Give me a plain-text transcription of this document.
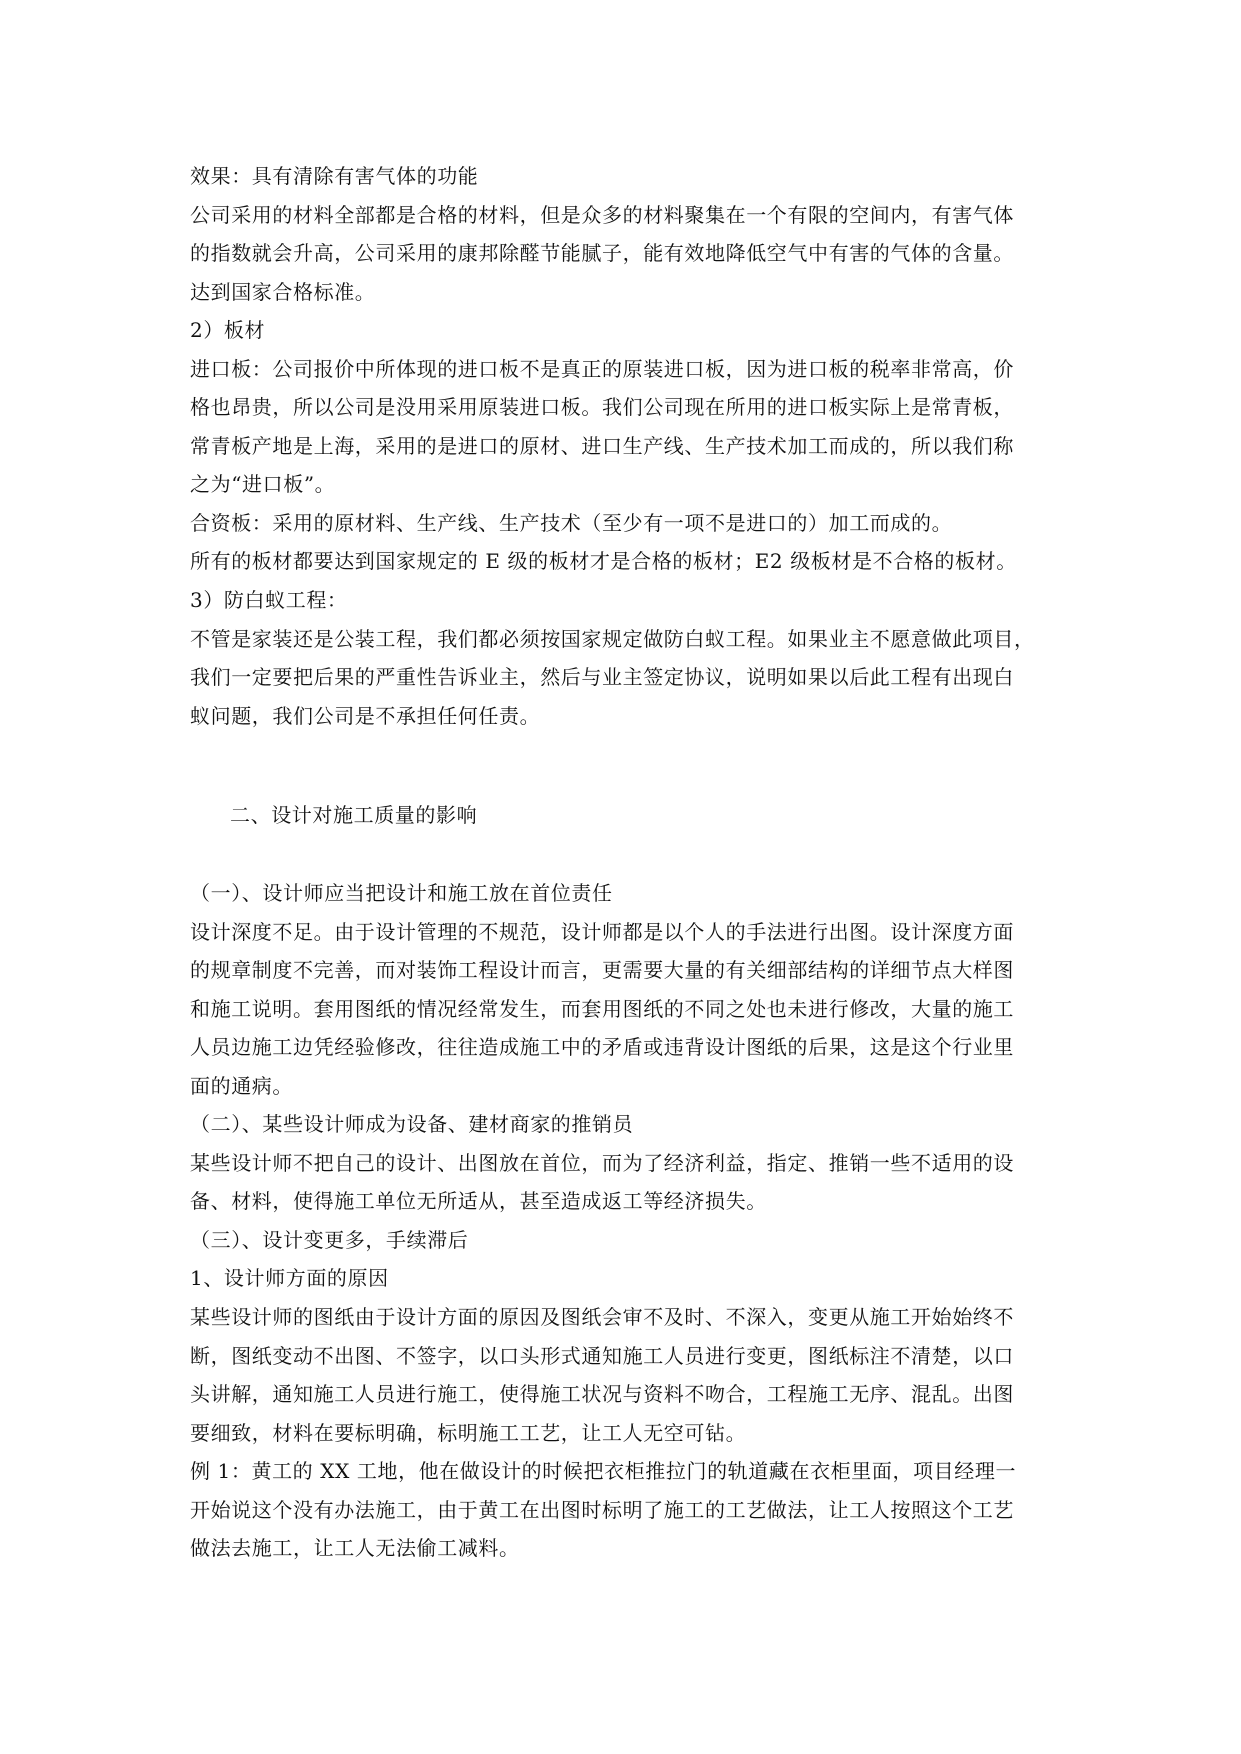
效果：具有清除有害气体的功能
公司采用的材料全部都是合格的材料，但是众多的材料聚集在一个有限的空间内，有害气体
的指数就会升高，公司采用的康邦除醛节能腻子，能有效地降低空气中有害的气体的含量。
达到国家合格标准。
2）板材
进口板：公司报价中所体现的进口板不是真正的原装进口板，因为进口板的税率非常高，价
格也昂贵，所以公司是没用采用原装进口板。我们公司现在所用的进口板实际上是常青板，
常青板产地是上海，采用的是进口的原材、进口生产线、生产技术加工而成的，所以我们称
之为“进口板”。
合资板：采用的原材料、生产线、生产技术（至少有一项不是进口的）加工而成的。
所有的板材都要达到国家规定的 E 级的板材才是合格的板材；E2 级板材是不合格的板材。
3）防白蚁工程：
不管是家装还是公装工程，我们都必须按国家规定做防白蚁工程。如果业主不愿意做此项目，
我们一定要把后果的严重性告诉业主，然后与业主签定协议，说明如果以后此工程有出现白
蚁问题，我们公司是不承担任何任责。
二、设计对施工质量的影响
（一）、设计师应当把设计和施工放在首位责任
设计深度不足。由于设计管理的不规范，设计师都是以个人的手法进行出图。设计深度方面
的规章制度不完善，而对装饰工程设计而言，更需要大量的有关细部结构的详细节点大样图
和施工说明。套用图纸的情况经常发生，而套用图纸的不同之处也未进行修改，大量的施工
人员边施工边凭经验修改，往往造成施工中的矛盾或违背设计图纸的后果，这是这个行业里
面的通病。
（二）、某些设计师成为设备、建材商家的推销员
某些设计师不把自己的设计、出图放在首位，而为了经济利益，指定、推销一些不适用的设
备、材料，使得施工单位无所适从，甚至造成返工等经济损失。
（三）、设计变更多，手续滞后
1、设计师方面的原因
某些设计师的图纸由于设计方面的原因及图纸会审不及时、不深入，变更从施工开始始终不
断，图纸变动不出图、不签字，以口头形式通知施工人员进行变更，图纸标注不清楚，以口
头讲解，通知施工人员进行施工，使得施工状况与资料不吻合，工程施工无序、混乱。出图
要细致，材料在要标明确，标明施工工艺，让工人无空可钻。
例 1：黄工的 XX 工地，他在做设计的时候把衣柜推拉门的轨道藏在衣柜里面，项目经理一
开始说这个没有办法施工，由于黄工在出图时标明了施工的工艺做法，让工人按照这个工艺
做法去施工，让工人无法偷工减料。
